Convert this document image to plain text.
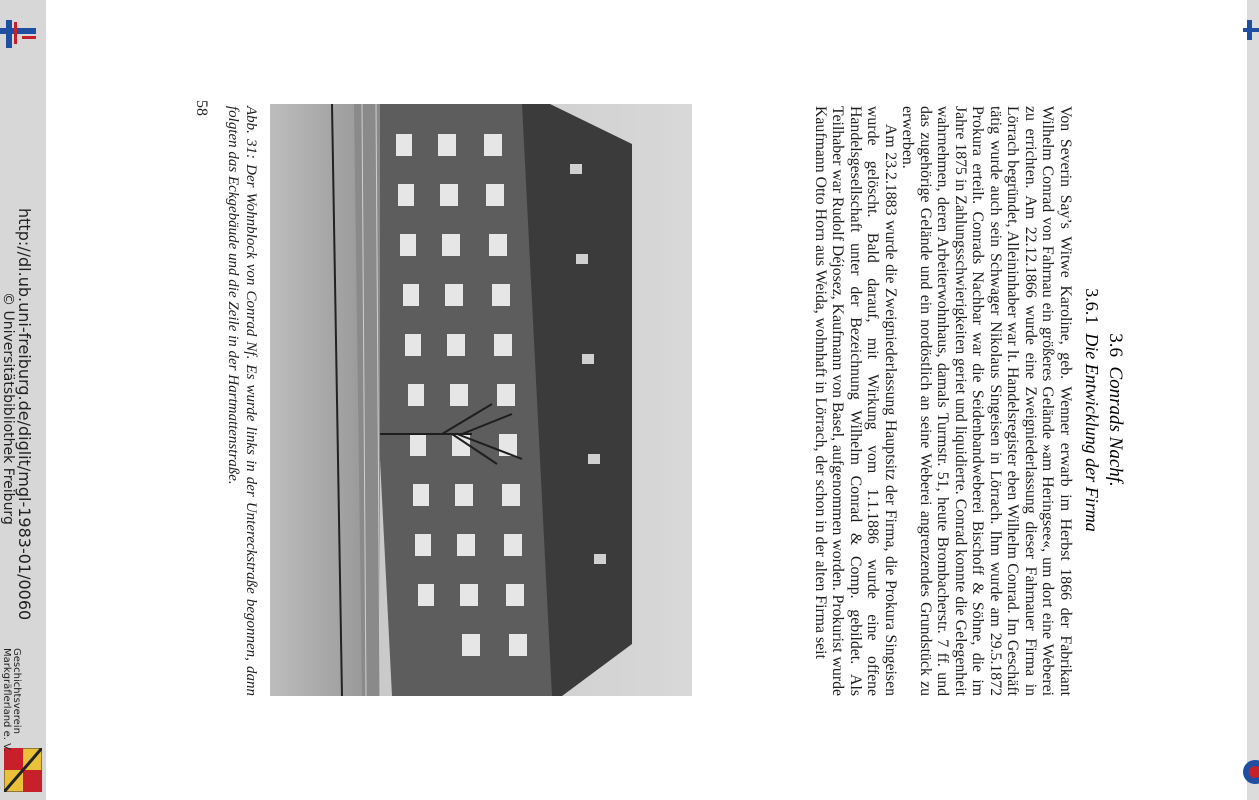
http://dl.ub.uni-freiburg.de/diglit/mgl-1983-01/0060
© Universitätsbibliothek Freiburg
Geschichtsverein
Markgräflerland e. V.
3.6  Conrads Nachf.
3.6.1  Die Entwicklung der Firma

Von Severin Say’s Witwe Karoline, geb. Wenner erwarb im Herbst 1866 der Fabrikant Wilhelm Conrad von Fahrnau ein größeres Gelände »am Heringsee«, um dort eine Weberei zu errichten. Am 22.12.1866 wurde eine Zweigniederlassung dieser Fahrnauer Firma in Lörrach begründet, Alleininhaber war lt. Handelsregister eben Wilhelm Conrad. Im Geschäft tätig wurde auch sein Schwager Nikolaus Singeisen in Lörrach. Ihm wurde am 29.5.1872 Prokura erteilt. Conrads Nachbar war die Seidenbandweberei Bischoff & Söhne, die im Jahre 1875 in Zahlungsschwierigkeiten geriet und liquidierte. Conrad konnte die Gelegenheit wahrnehmen, deren Arbeiterwohnhaus, damals Turmstr. 51, heute Brombacherstr. 7 ff. und das zugehörige Gelände und ein nordöstlich an seine Weberei angrenzendes Grundstück zu erwerben.

Am 23.2.1883 wurde die Zweigniederlassung Hauptsitz der Firma, die Prokura Singeisen wurde gelöscht. Bald darauf, mit Wirkung vom 1.1.1886 wurde eine offene Handelsgesellschaft unter der Bezeichnung Wilhelm Conrad & Comp. gebildet. Als Teilhaber war Rudolf Déjosez, Kaufmann von Basel, aufgenommen worden. Prokurist wurde Kaufmann Otto Horn aus Weida, wohnhaft in Lörrach, der schon in der alten Firma seit

Abb. 31: Der Wohnblock von Conrad Nf. Es wurde links in der Untereckstraße begonnen, dann folgten das Eckgebäude und die Zeile in der Hartmattenstraße.
58
